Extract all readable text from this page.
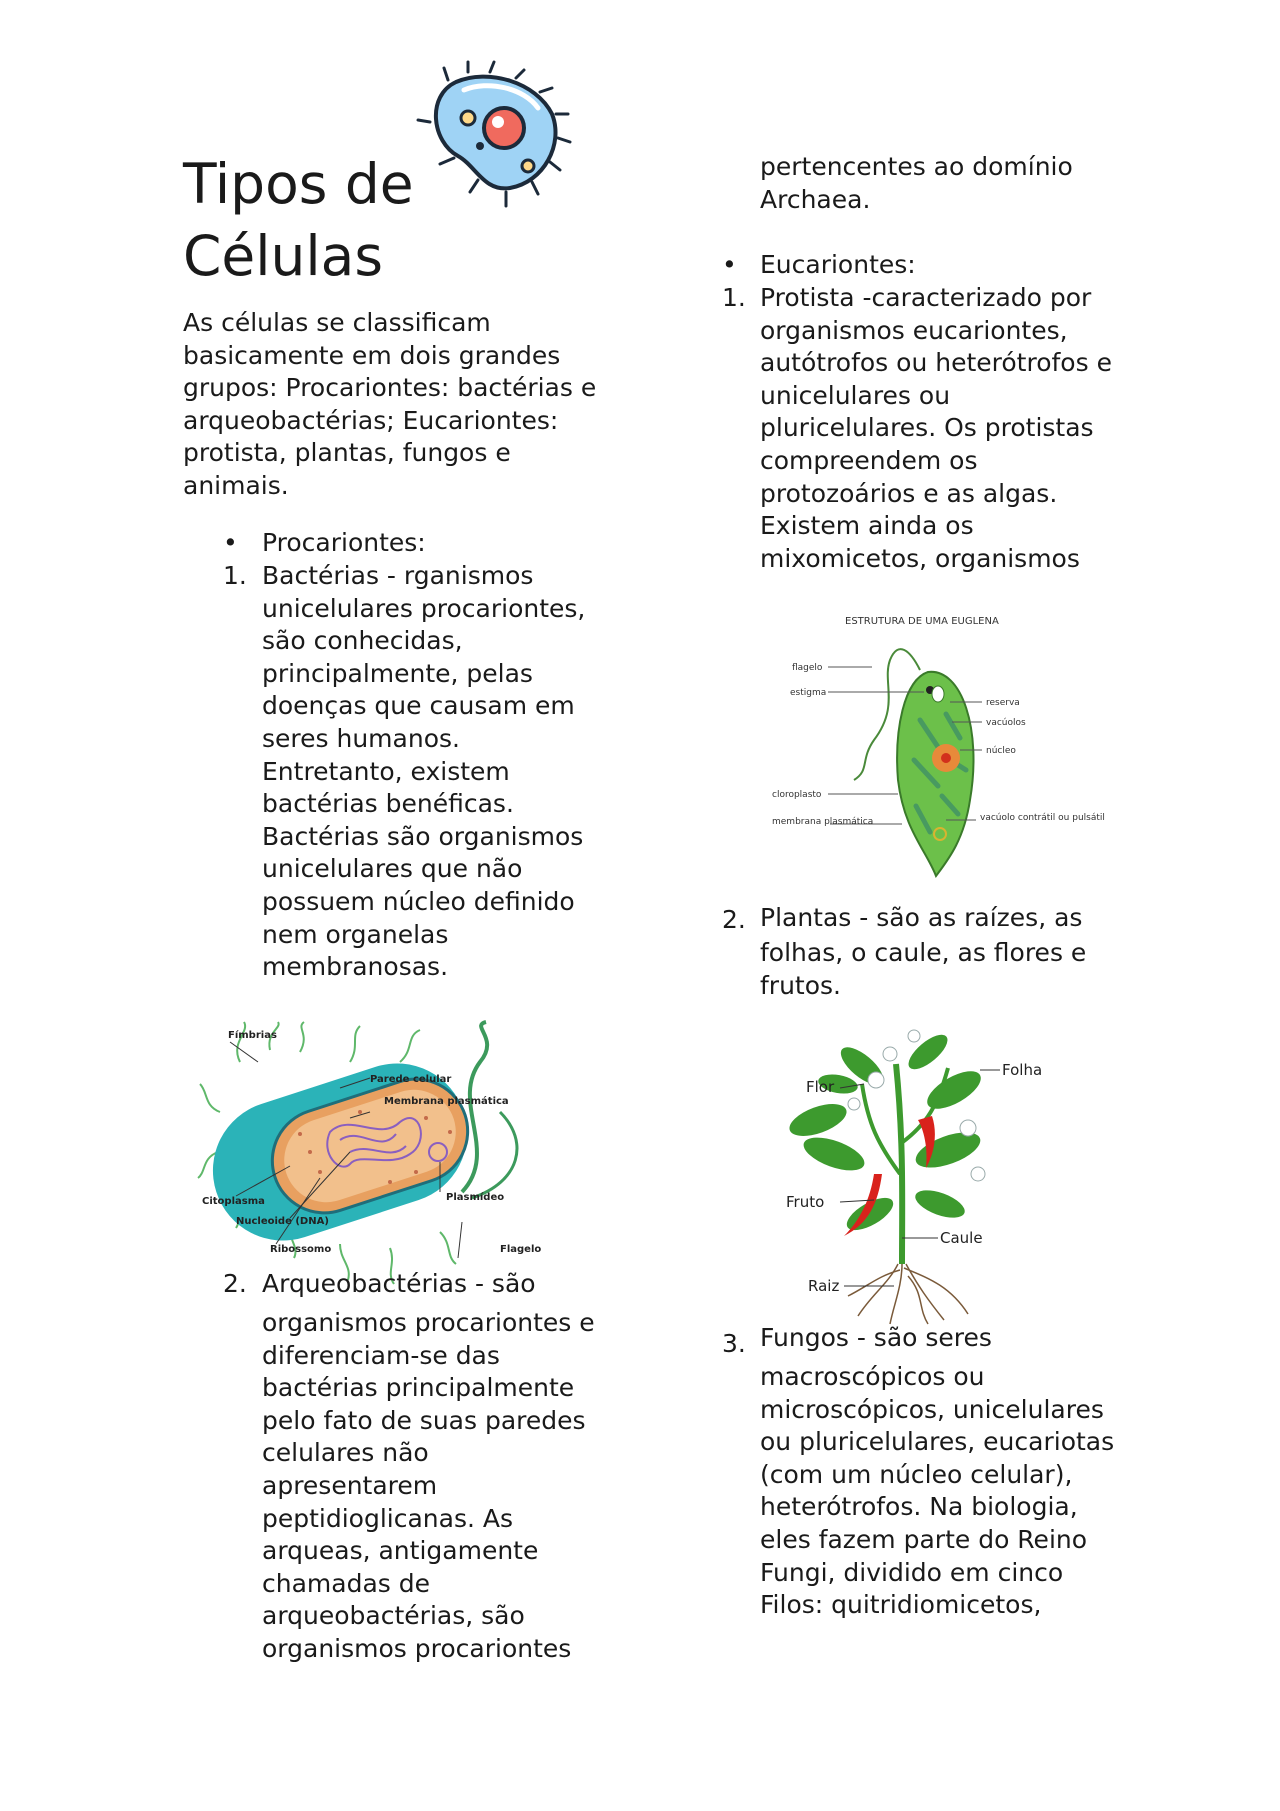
Tipos de Células

As células se classificam basicamente em dois grandes grupos: Procariontes: bactérias e arqueobactérias; Eucariontes: protista, plantas, fungos e animais.

• Procariontes:
1. Bactérias - rganismos unicelulares procariontes, são conhecidas, principalmente, pelas doenças que causam em seres humanos. Entretanto, existem bactérias benéficas. Bactérias são organismos unicelulares que não possuem núcleo definido nem organelas membranosas.

Fímbrias
Parede celular
Membrana plasmática
Citoplasma
Nucleoide (DNA)
Ribossomo
Plasmídeo
Flagelo
2. Arqueobactérias - são

organismos procariontes e diferenciam-se das bactérias principalmente pelo fato de suas paredes celulares não apresentarem peptidioglicanas. As arqueas, antigamente chamadas de arqueobactérias, são organismos procariontes

pertencentes ao domínio Archaea.

• Eucariontes:
1. Protista -caracterizado por organismos eucariontes, autótrofos ou heterótrofos e unicelulares ou pluricelulares. Os protistas compreendem os protozoários e as algas. Existem ainda os mixomicetos, organismos

ESTRUTURA DE UMA EUGLENA
flagelo
estigma
reserva
vacúolos
núcleo
cloroplasto
vacúolo contrátil ou pulsátil
membrana plasmática
2. Plantas - são as raízes, as

folhas, o caule, as flores e frutos.

Flor
Folha
Fruto
Caule
Raiz
3. Fungos - são seres

macroscópicos ou microscópicos, unicelulares ou pluricelulares, eucariotas (com um núcleo celular), heterótrofos. Na biologia, eles fazem parte do Reino Fungi, dividido em cinco Filos: quitridiomicetos,
